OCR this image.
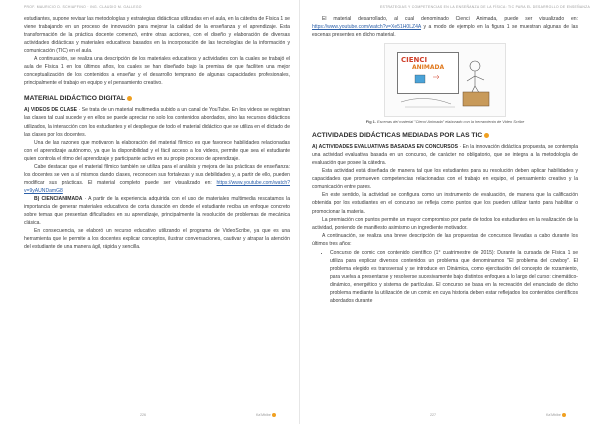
PROF. MAURICIO D. SCHIAFFINO · ING. CLAUDIO M. GALLEGO

estudiantes, supone revisar las metodologías y estrategias didácticas utilizadas en el aula, en la cátedra de Física 1 se viene trabajando en un proceso de innovación para mejorar la calidad de la enseñanza y el aprendizaje. Esta transformación de la práctica docente comenzó, entre otras acciones, con el diseño y elaboración de diversas actividades didácticas y materiales educativos basados en la incorporación de las tecnologías de la información y comunicación (TIC) en el aula.

A continuación, se realiza una descripción de los materiales educativos y actividades con la cuales se trabajó el aula de Física 1 en los últimos años, los cuales se han diseñado bajo la premisa de que faciliten una mejor conceptualización de los contenidos a enseñar y el desarrollo temprano de algunas capacidades profesionales, principalmente el trabajo en equipo y el pensamiento creativo.

MATERIAL DIDÁCTICO DIGITAL

A) VIDEOS DE CLASE · Se trata de un material multimedia subido a un canal de YouTube. En los videos se registran las clases tal cual sucede y en ellos se puede apreciar no solo los contenidos abordados, sino las recursos didácticos utilizados, la interacción con los estudiantes y el despliegue de todo el material didáctico que se utiliza en el dictado de las clases por los docentes.

Una de las razones que motivaron la elaboración del material fílmico es que favorece habilidades relacionadas con el aprendizaje autónomo, ya que la disponibilidad y el fácil acceso a los videos, permite que sea el estudiante quien controla el ritmo del aprendizaje y participante activo en su propio proceso de aprendizaje.

Cabe destacar que el material fílmico también se utiliza para el análisis y mejora de las prácticas de enseñanza: los docentes se ven a sí mismos dando clases, reconocen sus fortalezas y sus debilidades y, a partir de ello, pueden modificar sus prácticas. El material completo puede ser visualizado en: https://www.youtube.com/watch?v=9yAUNDamG8

B) CIENCIANIMADA · A partir de la experiencia adquirida con el uso de materiales multimedia rescatamos la importancia de generar materiales educativos de corta duración en donde el estudiante reciba un enfoque concreto sobre temas que presentan dificultades en su aprendizaje, principalmente la resolución de problemas de mecánica clásica.

En consecuencia, se elaboró un recurso educativo utilizando el programa de VideoScribe, ya que es una herramienta que le permite a los docentes explicar conceptos, ilustrar conversaciones, cautivar y atrapar la atención del estudiante de una manera ágil, rápida y sencilla.

226	Ka'Mbibe
ESTRATEGIAS Y COMPETENCIAS EN LA ENSEÑANZA DE LA FÍSICA: TIC PARA EL DESARROLLO DE ENSEÑANZA

El material desarrollado, al cual denominado Cienci Animada, puede ser visualizado en: https://www.youtube.com/watch?v=Xe51H0LZ4A y a modo de ejemplo en la figura 1 se muestran algunas de las escenas presentes en dicho material.

CIENCI
ANIMADA

Fig 1. Escenas del material "Cienci Animada" elaborado con la herramienta de Video Scribe

ACTIVIDADES DIDÁCTICAS MEDIADAS POR LAS TIC

A) ACTIVIDADES EVALUATIVAS BASADAS EN CONCURSOS · En la innovación didáctica propuesta, se contempla una actividad evaluativa basada en un concurso, de carácter no obligatorio, que se integra a la metodología de evaluación que posee la cátedra.

Esta actividad está diseñada de manera tal que los estudiantes para su resolución deben aplicar habilidades y capacidades que promueven competencias relacionadas con el trabajo en equipo, el pensamiento creativo y la comunicación entre pares.

En este sentido, la actividad se configura como un instrumento de evaluación, de manera que la calificación obtenida por los estudiantes en el concurso se refleja como puntos que los pueden utilizar tanto para habilitar o promocionar la materia.

La premiación con puntos permite un mayor compromiso por parte de todos los estudiantes en la realización de la actividad, poniendo de manifiesto asimismo un ingrediente motivador.

A continuación, se realiza una breve descripción de las propuestas de concursos llevadas a cabo durante los últimos tres años:

• Concurso de comic con contenido científico (1° cuatrimestre de 2015): Durante la cursada de Física 1 se utiliza para explicar diversos contenidos un problema que denominamos "El problema del cowboy". El problema elegido es transversal y se introduce en Dinámica, como ejercitación del concepto de rozamiento, para vuelva a presentarse y resolverse sucesivamente bajo distintos enfoques a lo largo del curso: cinemático-dinámico, energético y sistema de partículas. El concurso se basa en la recreación del enunciado de dicho problema mediante la utilización de un comic en cuya historia deben estar reflejados los contenidos científicos abordados durante
227	Ka'Mbibe
